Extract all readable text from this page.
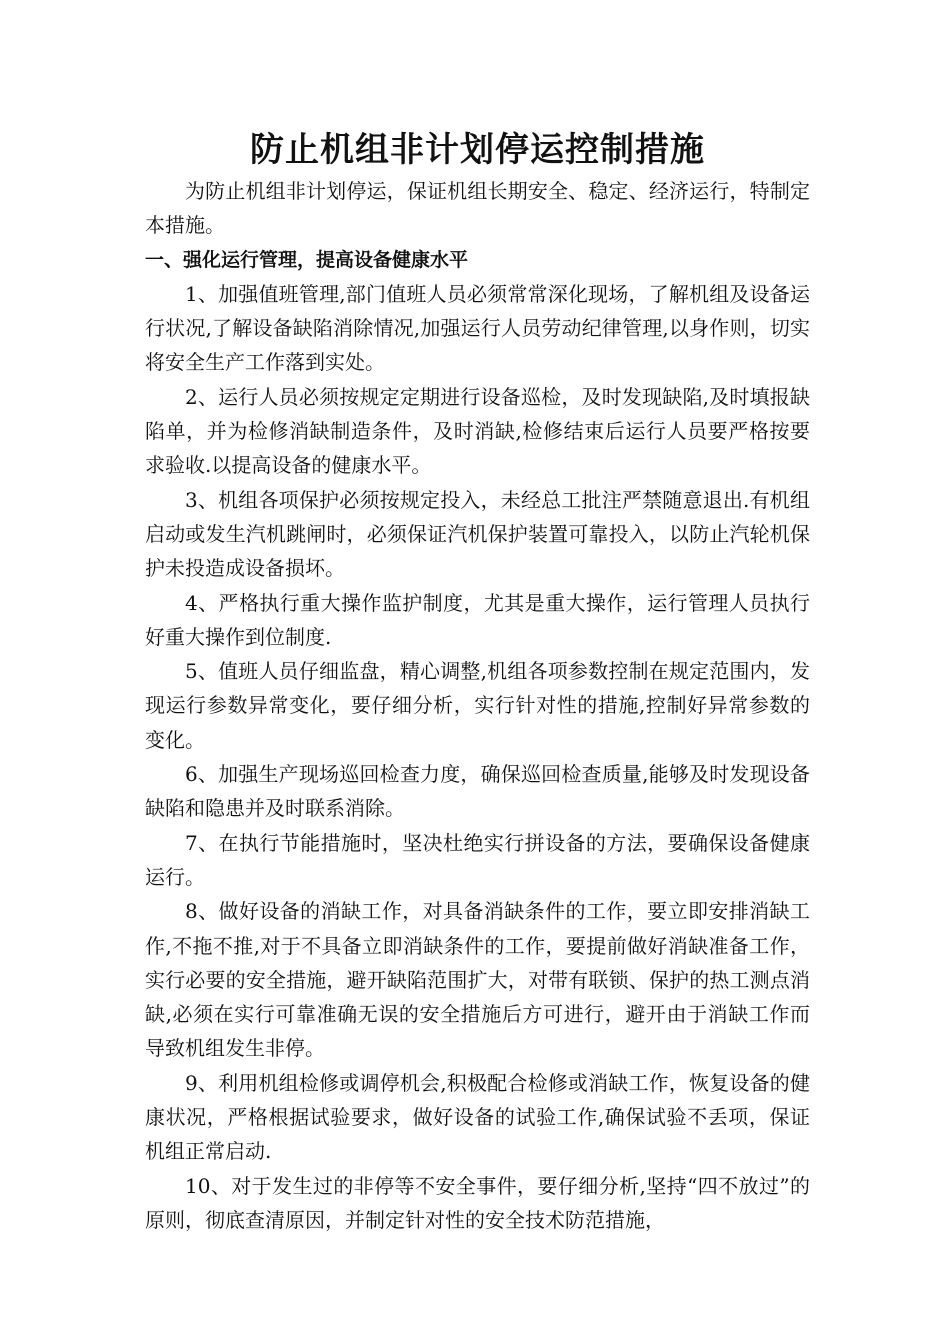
防止机组非计划停运控制措施

为防止机组非计划停运，保证机组长期安全、稳定、经济运行，特制定本措施。

一、强化运行管理，提高设备健康水平

1、加强值班管理,部门值班人员必须常常深化现场，了解机组及设备运行状况,了解设备缺陷消除情况,加强运行人员劳动纪律管理,以身作则，切实将安全生产工作落到实处。

2、运行人员必须按规定定期进行设备巡检，及时发现缺陷,及时填报缺陷单，并为检修消缺制造条件，及时消缺,检修结束后运行人员要严格按要求验收.以提高设备的健康水平。

3、机组各项保护必须按规定投入，未经总工批注严禁随意退出.有机组启动或发生汽机跳闸时，必须保证汽机保护装置可靠投入，以防止汽轮机保护未投造成设备损坏。

4、严格执行重大操作监护制度，尤其是重大操作，运行管理人员执行好重大操作到位制度.

5、值班人员仔细监盘，精心调整,机组各项参数控制在规定范围内，发现运行参数异常变化，要仔细分析，实行针对性的措施,控制好异常参数的变化。

6、加强生产现场巡回检查力度，确保巡回检查质量,能够及时发现设备缺陷和隐患并及时联系消除。

7、在执行节能措施时，坚决杜绝实行拼设备的方法，要确保设备健康运行。

8、做好设备的消缺工作，对具备消缺条件的工作，要立即安排消缺工作,不拖不推,对于不具备立即消缺条件的工作，要提前做好消缺准备工作，实行必要的安全措施，避开缺陷范围扩大，对带有联锁、保护的热工测点消缺,必须在实行可靠准确无误的安全措施后方可进行，避开由于消缺工作而导致机组发生非停。

9、利用机组检修或调停机会,积极配合检修或消缺工作，恢复设备的健康状况，严格根据试验要求，做好设备的试验工作,确保试验不丢项，保证机组正常启动.

10、对于发生过的非停等不安全事件，要仔细分析,坚持“四不放过”的原则，彻底查清原因，并制定针对性的安全技术防范措施，
